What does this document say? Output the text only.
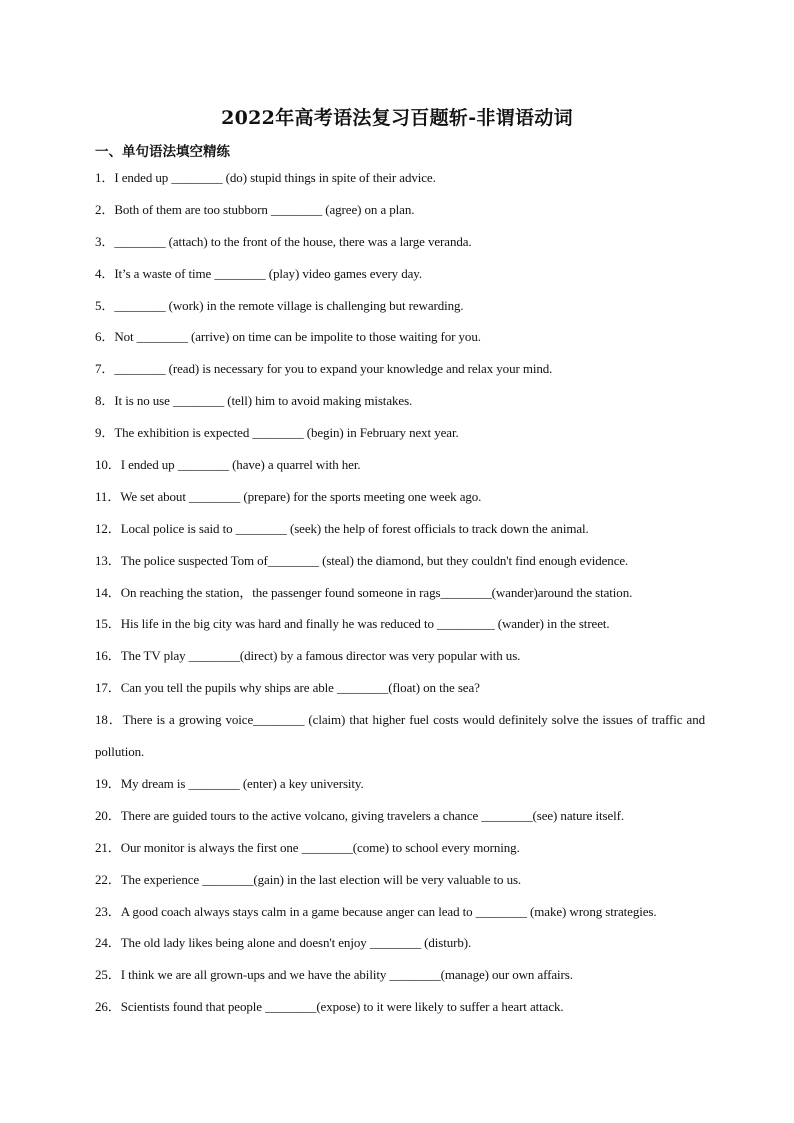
2022年高考语法复习百题斩-非谓语动词
一、单句语法填空精练
1．I ended up ________ (do) stupid things in spite of their advice.
2．Both of them are too stubborn ________ (agree) on a plan.
3．________ (attach) to the front of the house, there was a large veranda.
4．It’s a waste of time ________ (play) video games every day.
5．________ (work) in the remote village is challenging but rewarding.
6．Not ________ (arrive) on time can be impolite to those waiting for you.
7．________ (read) is necessary for you to expand your knowledge and relax your mind.
8．It is no use ________ (tell) him to avoid making mistakes.
9．The exhibition is expected ________ (begin) in February next year.
10．I ended up ________ (have) a quarrel with her.
11．We set about ________ (prepare) for the sports meeting one week ago.
12．Local police is said to ________ (seek) the help of forest officials to track down the animal.
13．The police suspected Tom of________ (steal) the diamond, but they couldn't find enough evidence.
14．On reaching the station，the passenger found someone in rags________(wander)around the station.
15．His life in the big city was hard and finally he was reduced to _________ (wander) in the street.
16．The TV play ________(direct) by a famous director was very popular with us.
17．Can you tell the pupils why ships are able ________(float) on the sea?
18．There is a growing voice________ (claim) that higher fuel costs would definitely solve the issues of traffic and pollution.
19．My dream is ________ (enter) a key university.
20．There are guided tours to the active volcano, giving travelers a chance ________(see) nature itself.
21．Our monitor is always the first one ________(come) to school every morning.
22．The experience ________(gain) in the last election will be very valuable to us.
23．A good coach always stays calm in a game because anger can lead to ________ (make) wrong strategies.
24．The old lady likes being alone and doesn't enjoy ________ (disturb).
25．I think we are all grown-ups and we have the ability ________(manage) our own affairs.
26．Scientists found that people ________(expose) to it were likely to suffer a heart attack.
